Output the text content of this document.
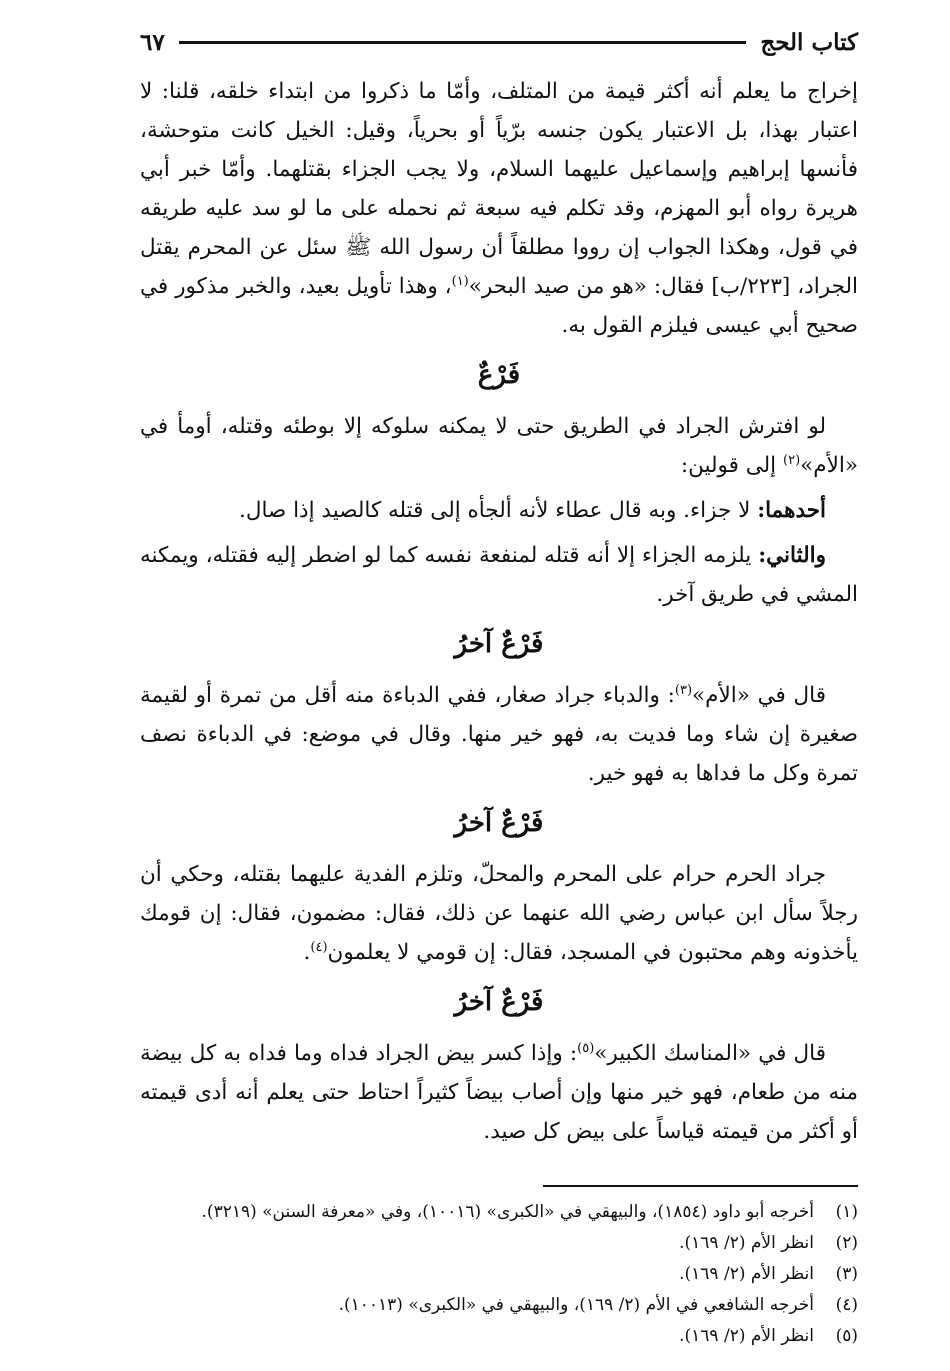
كتاب الحج
٦٧

إخراج ما يعلم أنه أكثر قيمة من المتلف، وأمّا ما ذكروا من ابتداء خلقه، قلنا: لا اعتبار بهذا، بل الاعتبار يكون جنسه برّياً أو بحرياً، وقيل: الخيل كانت متوحشة، فأنسها إبراهيم وإسماعيل عليهما السلام، ولا يجب الجزاء بقتلهما. وأمّا خبر أبي هريرة رواه أبو المهزم، وقد تكلم فيه سبعة ثم نحمله على ما لو سد عليه طريقه في قول، وهكذا الجواب إن رووا مطلقاً أن رسول الله ﷺ سئل عن المحرم يقتل الجراد، [٢٢٣/ب] فقال: «هو من صيد البحر»$^{(١)}$، وهذا تأويل بعيد، والخبر مذكور في صحيح أبي عيسى فيلزم القول به.

فَرْعٌ

لو افترش الجراد في الطريق حتى لا يمكنه سلوكه إلا بوطئه وقتله، أومأ في «الأم»$^{(٢)}$ إلى قولين:

أحدهما: لا جزاء. وبه قال عطاء لأنه ألجأه إلى قتله كالصيد إذا صال.

والثاني: يلزمه الجزاء إلا أنه قتله لمنفعة نفسه كما لو اضطر إليه فقتله، ويمكنه المشي في طريق آخر.

فَرْعٌ آخرُ

قال في «الأم»$^{(٣)}$: والدباء جراد صغار، ففي الدباءة منه أقل من تمرة أو لقيمة صغيرة إن شاء وما فديت به، فهو خير منها. وقال في موضع: في الدباءة نصف تمرة وكل ما فداها به فهو خير.

فَرْعٌ آخرُ

جراد الحرم حرام على المحرم والمحلّ، وتلزم الفدية عليهما بقتله، وحكي أن رجلاً سأل ابن عباس رضي الله عنهما عن ذلك، فقال: مضمون، فقال: إن قومك يأخذونه وهم محتبون في المسجد، فقال: إن قومي لا يعلمون$^{(٤)}$.

فَرْعٌ آخرُ

قال في «المناسك الكبير»$^{(٥)}$: وإذا كسر بيض الجراد فداه وما فداه به كل بيضة منه من طعام، فهو خير منها وإن أصاب بيضاً كثيراً احتاط حتى يعلم أنه أدى قيمته أو أكثر من قيمته قياساً على بيض كل صيد.

(١)
أخرجه أبو داود (١٨٥٤)، والبيهقي في «الكبرى» (١٠٠١٦)، وفي «معرفة السنن» (٣٢١٩).
(٢)
انظر الأم (٢/ ١٦٩).
(٣)
انظر الأم (٢/ ١٦٩).
(٤)
أخرجه الشافعي في الأم (٢/ ١٦٩)، والبيهقي في «الكبرى» (١٠٠١٣).
(٥)
انظر الأم (٢/ ١٦٩).
